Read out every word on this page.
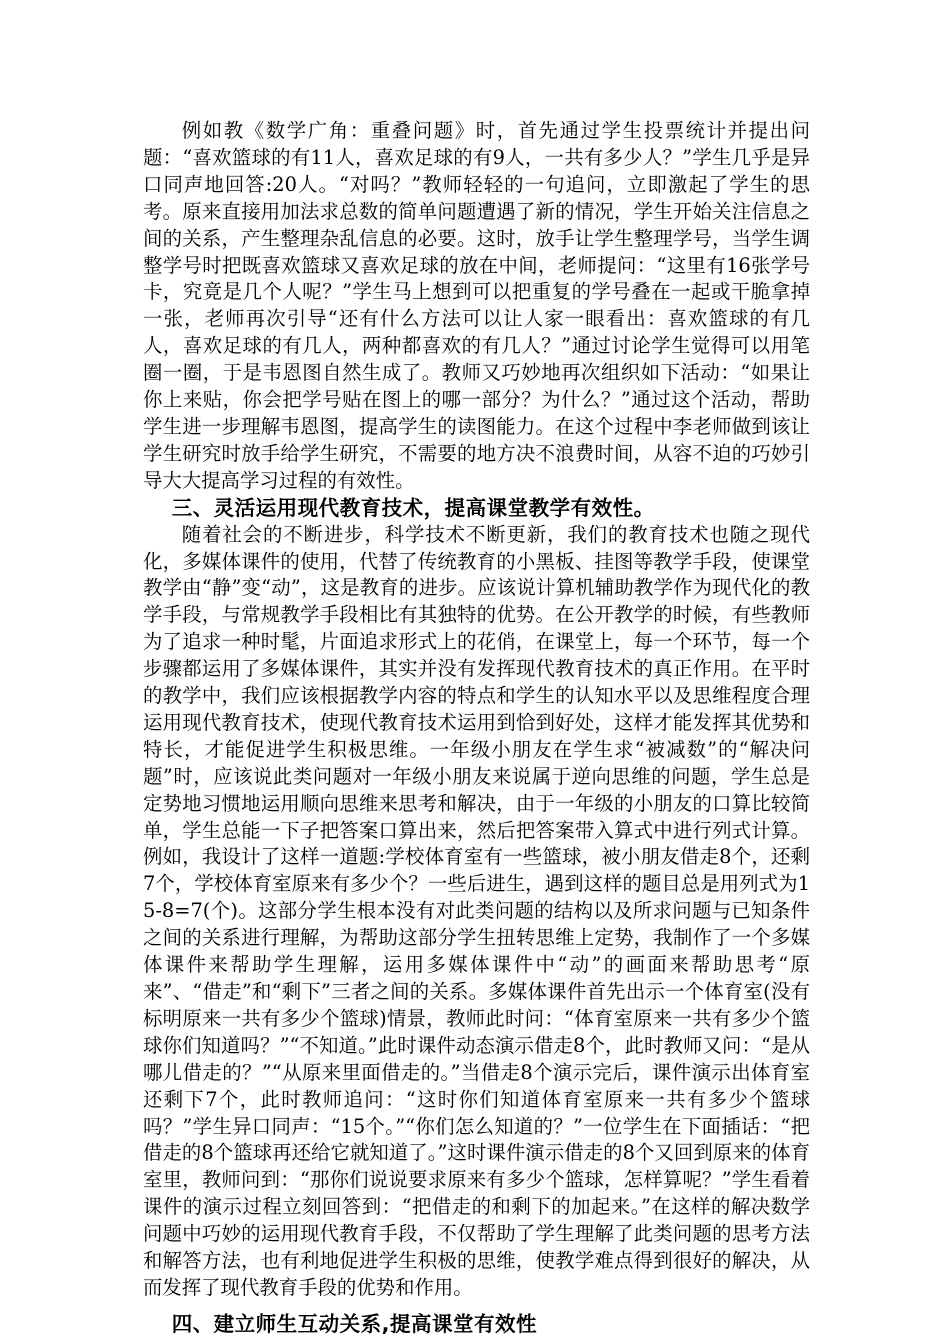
例如教《数学广角：重叠问题》时，首先通过学生投票统计并提出问题：“喜欢篮球的有11人，喜欢足球的有9人，一共有多少人？”学生几乎是异口同声地回答:20人。“对吗？”教师轻轻的一句追问，立即激起了学生的思考。原来直接用加法求总数的简单问题遭遇了新的情况，学生开始关注信息之间的关系，产生整理杂乱信息的必要。这时，放手让学生整理学号，当学生调整学号时把既喜欢篮球又喜欢足球的放在中间，老师提问：“这里有16张学号卡，究竟是几个人呢？”学生马上想到可以把重复的学号叠在一起或干脆拿掉一张，老师再次引导“还有什么方法可以让人家一眼看出：喜欢篮球的有几人，喜欢足球的有几人，两种都喜欢的有几人？”通过讨论学生觉得可以用笔圈一圈，于是韦恩图自然生成了。教师又巧妙地再次组织如下活动：“如果让你上来贴，你会把学号贴在图上的哪一部分？为什么？”通过这个活动，帮助学生进一步理解韦恩图，提高学生的读图能力。在这个过程中李老师做到该让学生研究时放手给学生研究，不需要的地方决不浪费时间，从容不迫的巧妙引导大大提高学习过程的有效性。

三、灵活运用现代教育技术，提高课堂教学有效性。

随着社会的不断进步，科学技术不断更新，我们的教育技术也随之现代化，多媒体课件的使用，代替了传统教育的小黑板、挂图等教学手段，使课堂教学由“静”变“动”，这是教育的进步。应该说计算机辅助教学作为现代化的教学手段，与常规教学手段相比有其独特的优势。在公开教学的时候，有些教师为了追求一种时髦，片面追求形式上的花俏，在课堂上，每一个环节，每一个步骤都运用了多媒体课件，其实并没有发挥现代教育技术的真正作用。在平时的教学中，我们应该根据教学内容的特点和学生的认知水平以及思维程度合理运用现代教育技术，使现代教育技术运用到恰到好处，这样才能发挥其优势和特长，才能促进学生积极思维。一年级小朋友在学生求“被减数”的“解决问题”时，应该说此类问题对一年级小朋友来说属于逆向思维的问题，学生总是定势地习惯地运用顺向思维来思考和解决，由于一年级的小朋友的口算比较简单，学生总能一下子把答案口算出来，然后把答案带入算式中进行列式计算。例如，我设计了这样一道题:学校体育室有一些篮球，被小朋友借走8个，还剩7个，学校体育室原来有多少个？一些后进生，遇到这样的题目总是用列式为15-8=7(个)。这部分学生根本没有对此类问题的结构以及所求问题与已知条件之间的关系进行理解，为帮助这部分学生扭转思维上定势，我制作了一个多媒体课件来帮助学生理解，运用多媒体课件中“动”的画面来帮助思考“原来”、“借走”和“剩下”三者之间的关系。多媒体课件首先出示一个体育室(没有标明原来一共有多少个篮球)情景，教师此时问：“体育室原来一共有多少个篮球你们知道吗？”“不知道。”此时课件动态演示借走8个，此时教师又问：“是从哪儿借走的？”“从原来里面借走的。”当借走8个演示完后，课件演示出体育室还剩下7个，此时教师追问：“这时你们知道体育室原来一共有多少个篮球吗？”学生异口同声：“15个。”“你们怎么知道的？”一位学生在下面插话：“把借走的8个篮球再还给它就知道了。”这时课件演示借走的8个又回到原来的体育室里，教师问到：“那你们说说要求原来有多少个篮球，怎样算呢？”学生看着课件的演示过程立刻回答到：“把借走的和剩下的加起来。”在这样的解决数学问题中巧妙的运用现代教育手段，不仅帮助了学生理解了此类问题的思考方法和解答方法，也有利地促进学生积极的思维，使教学难点得到很好的解决，从而发挥了现代教育手段的优势和作用。

四、建立师生互动关系,提高课堂有效性
